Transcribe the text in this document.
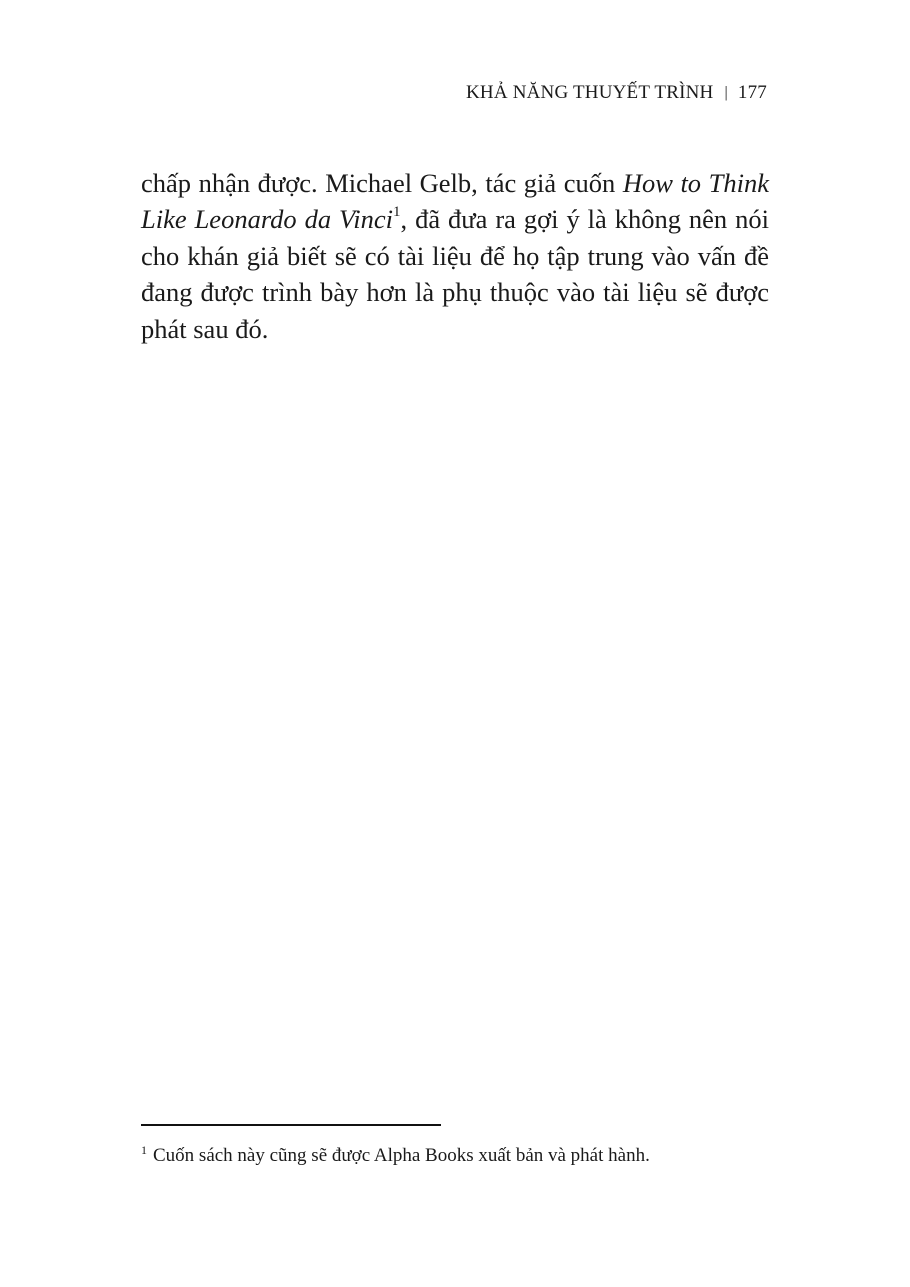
KHẢ NĂNG THUYẾT TRÌNH | 177

chấp nhận được. Michael Gelb, tác giả cuốn How to Think Like Leonardo da Vinci$^1$, đã đưa ra gợi ý là không nên nói cho khán giả biết sẽ có tài liệu để họ tập trung vào vấn đề đang được trình bày hơn là phụ thuộc vào tài liệu sẽ được phát sau đó.

$^1$ Cuốn sách này cũng sẽ được Alpha Books xuất bản và phát hành.
